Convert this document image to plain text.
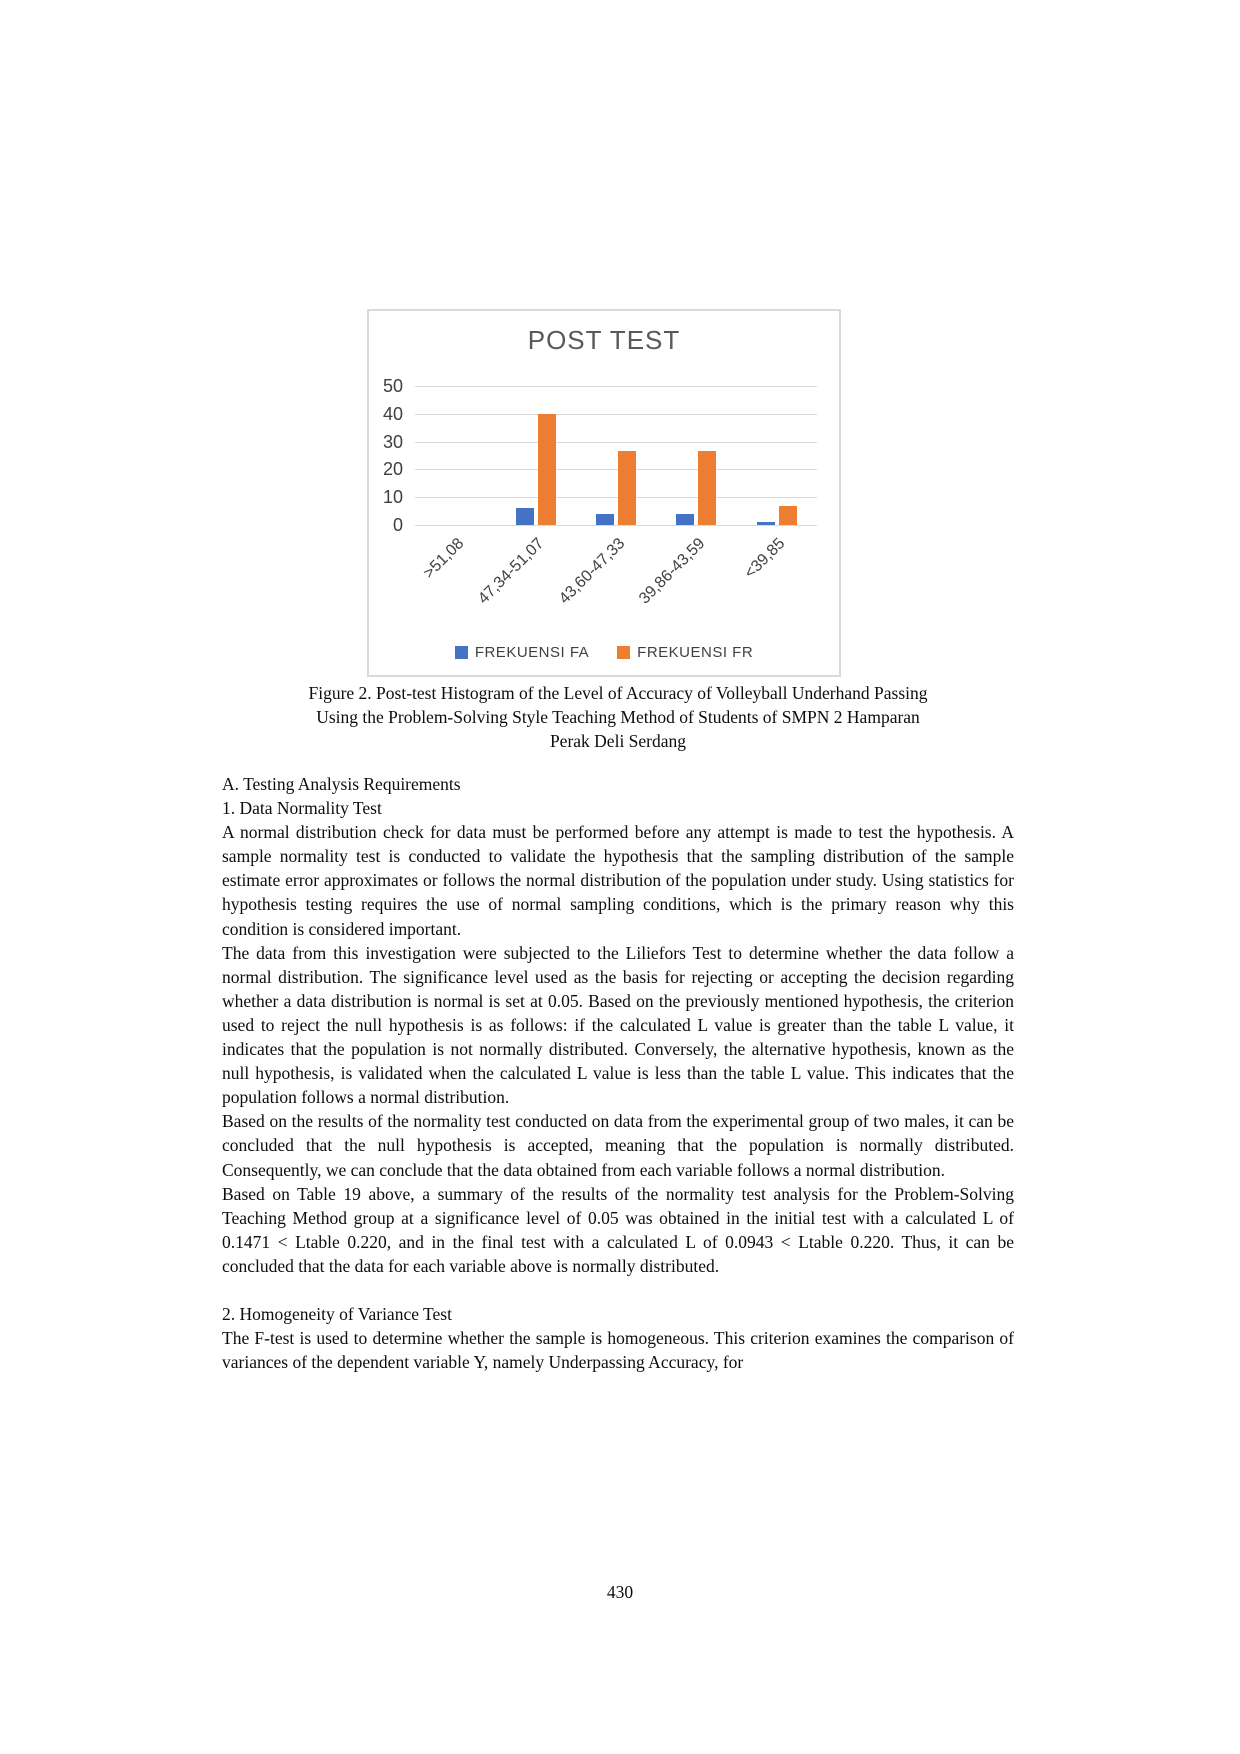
POST TEST
FREKUENSI FA	FREKUENSI FR
0
10
20
30
40
50
>51,08 47,34-51,07 43,60-47,33 39,86-43,59 <39,85
Figure 2. Post-test Histogram of the Level of Accuracy of Volleyball Underhand Passing
Using the Problem-Solving Style Teaching Method of Students of SMPN 2 Hamparan
Perak Deli Serdang
A. Testing Analysis Requirements
1. Data Normality Test
A normal distribution check for data must be performed before any attempt is made to test the hypothesis. A sample normality test is conducted to validate the hypothesis that the sampling distribution of the sample estimate error approximates or follows the normal distribution of the population under study. Using statistics for hypothesis testing requires the use of normal sampling conditions, which is the primary reason why this condition is considered important.
The data from this investigation were subjected to the Liliefors Test to determine whether the data follow a normal distribution. The significance level used as the basis for rejecting or accepting the decision regarding whether a data distribution is normal is set at 0.05. Based on the previously mentioned hypothesis, the criterion used to reject the null hypothesis is as follows: if the calculated L value is greater than the table L value, it indicates that the population is not normally distributed. Conversely, the alternative hypothesis, known as the null hypothesis, is validated when the calculated L value is less than the table L value. This indicates that the population follows a normal distribution.
Based on the results of the normality test conducted on data from the experimental group of two males, it can be concluded that the null hypothesis is accepted, meaning that the population is normally distributed. Consequently, we can conclude that the data obtained from each variable follows a normal distribution.
Based on Table 19 above, a summary of the results of the normality test analysis for the Problem-Solving Teaching Method group at a significance level of 0.05 was obtained in the initial test with a calculated L of 0.1471 < Ltable 0.220, and in the final test with a calculated L of 0.0943 < Ltable 0.220. Thus, it can be concluded that the data for each variable above is normally distributed.
2. Homogeneity of Variance Test
The F-test is used to determine whether the sample is homogeneous. This criterion examines the comparison of variances of the dependent variable Y, namely Underpassing Accuracy, for
430
